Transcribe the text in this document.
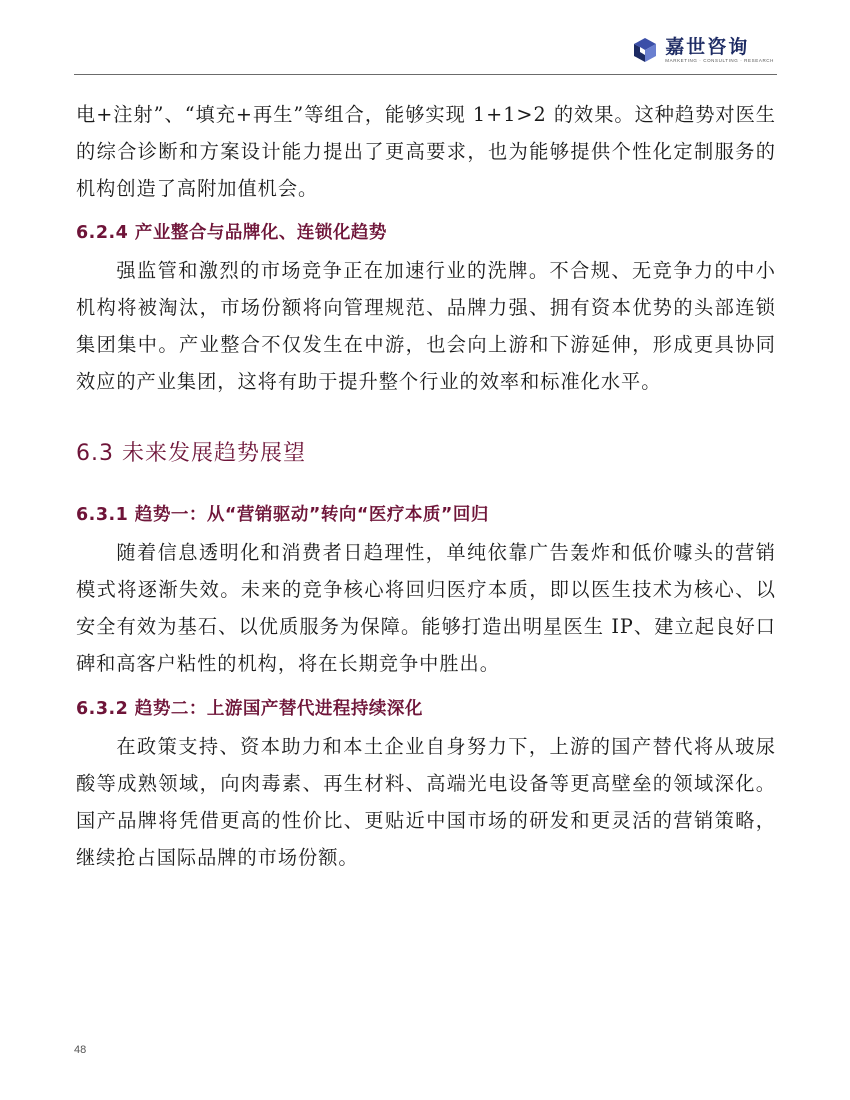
嘉世咨询
MARKETING · CONSULTING · RESEARCH

电+注射”、“填充+再生”等组合，能够实现 1+1>2 的效果。这种趋势对医生的综合诊断和方案设计能力提出了更高要求，也为能够提供个性化定制服务的机构创造了高附加值机会。

6.2.4 产业整合与品牌化、连锁化趋势

强监管和激烈的市场竞争正在加速行业的洗牌。不合规、无竞争力的中小机构将被淘汰，市场份额将向管理规范、品牌力强、拥有资本优势的头部连锁集团集中。产业整合不仅发生在中游，也会向上游和下游延伸，形成更具协同效应的产业集团，这将有助于提升整个行业的效率和标准化水平。

6.3 未来发展趋势展望
6.3.1 趋势一：从“营销驱动”转向“医疗本质”回归

随着信息透明化和消费者日趋理性，单纯依靠广告轰炸和低价噱头的营销模式将逐渐失效。未来的竞争核心将回归医疗本质，即以医生技术为核心、以安全有效为基石、以优质服务为保障。能够打造出明星医生 IP、建立起良好口碑和高客户粘性的机构，将在长期竞争中胜出。

6.3.2 趋势二：上游国产替代进程持续深化

在政策支持、资本助力和本土企业自身努力下，上游的国产替代将从玻尿酸等成熟领域，向肉毒素、再生材料、高端光电设备等更高壁垒的领域深化。国产品牌将凭借更高的性价比、更贴近中国市场的研发和更灵活的营销策略，继续抢占国际品牌的市场份额。

48
